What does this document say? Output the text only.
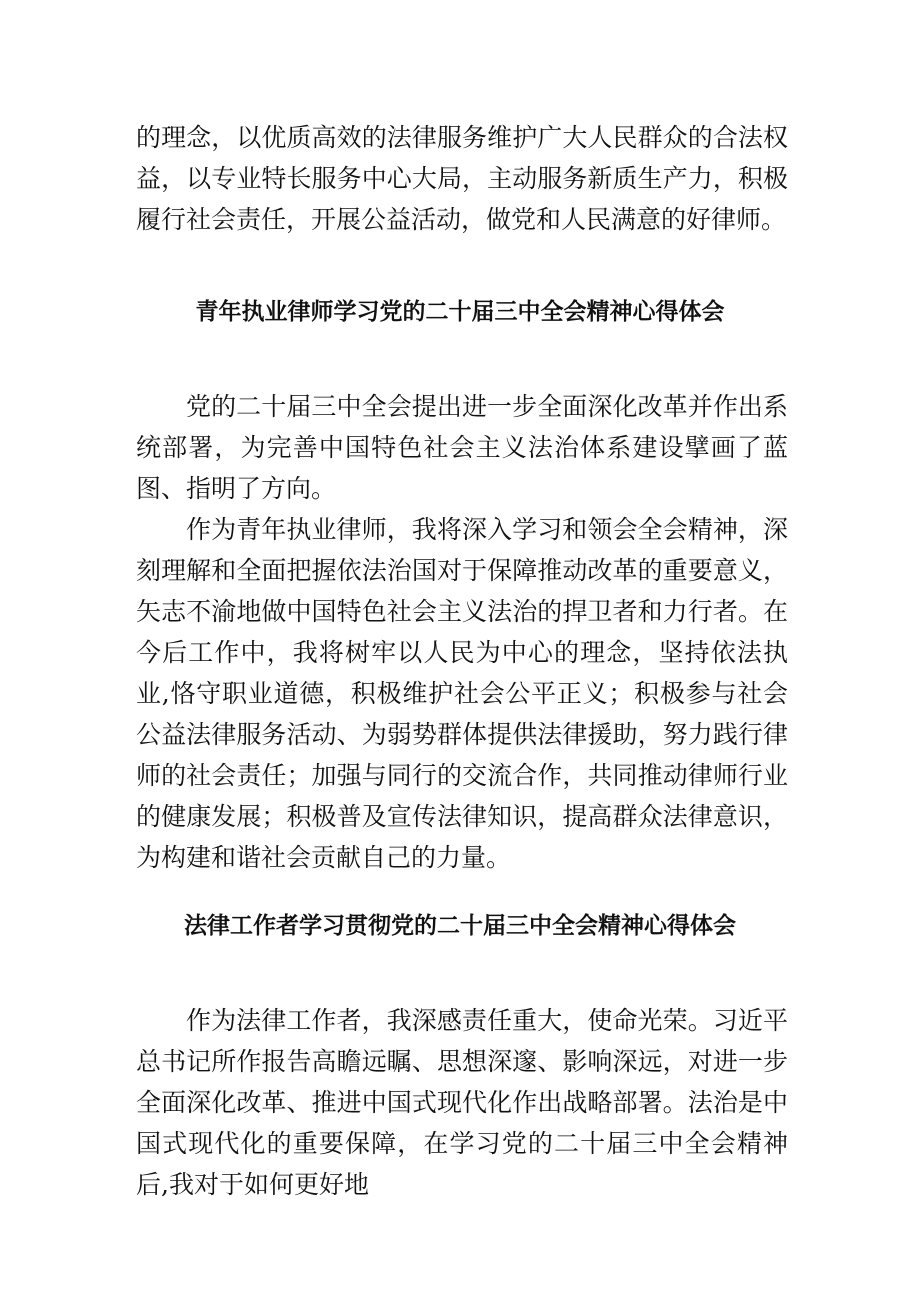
的理念，以优质高效的法律服务维护广大人民群众的合法权益，以专业特长服务中心大局，主动服务新质生产力，积极履行社会责任，开展公益活动，做党和人民满意的好律师。

青年执业律师学习党的二十届三中全会精神心得体会

党的二十届三中全会提出进一步全面深化改革并作出系统部署，为完善中国特色社会主义法治体系建设擘画了蓝图、指明了方向。

作为青年执业律师，我将深入学习和领会全会精神，深刻理解和全面把握依法治国对于保障推动改革的重要意义，矢志不渝地做中国特色社会主义法治的捍卫者和力行者。在今后工作中，我将树牢以人民为中心的理念，坚持依法执业,恪守职业道德，积极维护社会公平正义；积极参与社会公益法律服务活动、为弱势群体提供法律援助，努力践行律师的社会责任；加强与同行的交流合作，共同推动律师行业的健康发展；积极普及宣传法律知识，提高群众法律意识，为构建和谐社会贡献自己的力量。

法律工作者学习贯彻党的二十届三中全会精神心得体会

作为法律工作者，我深感责任重大，使命光荣。习近平总书记所作报告高瞻远瞩、思想深邃、影响深远，对进一步全面深化改革、推进中国式现代化作出战略部署。法治是中国式现代化的重要保障，在学习党的二十届三中全会精神后,我对于如何更好地
